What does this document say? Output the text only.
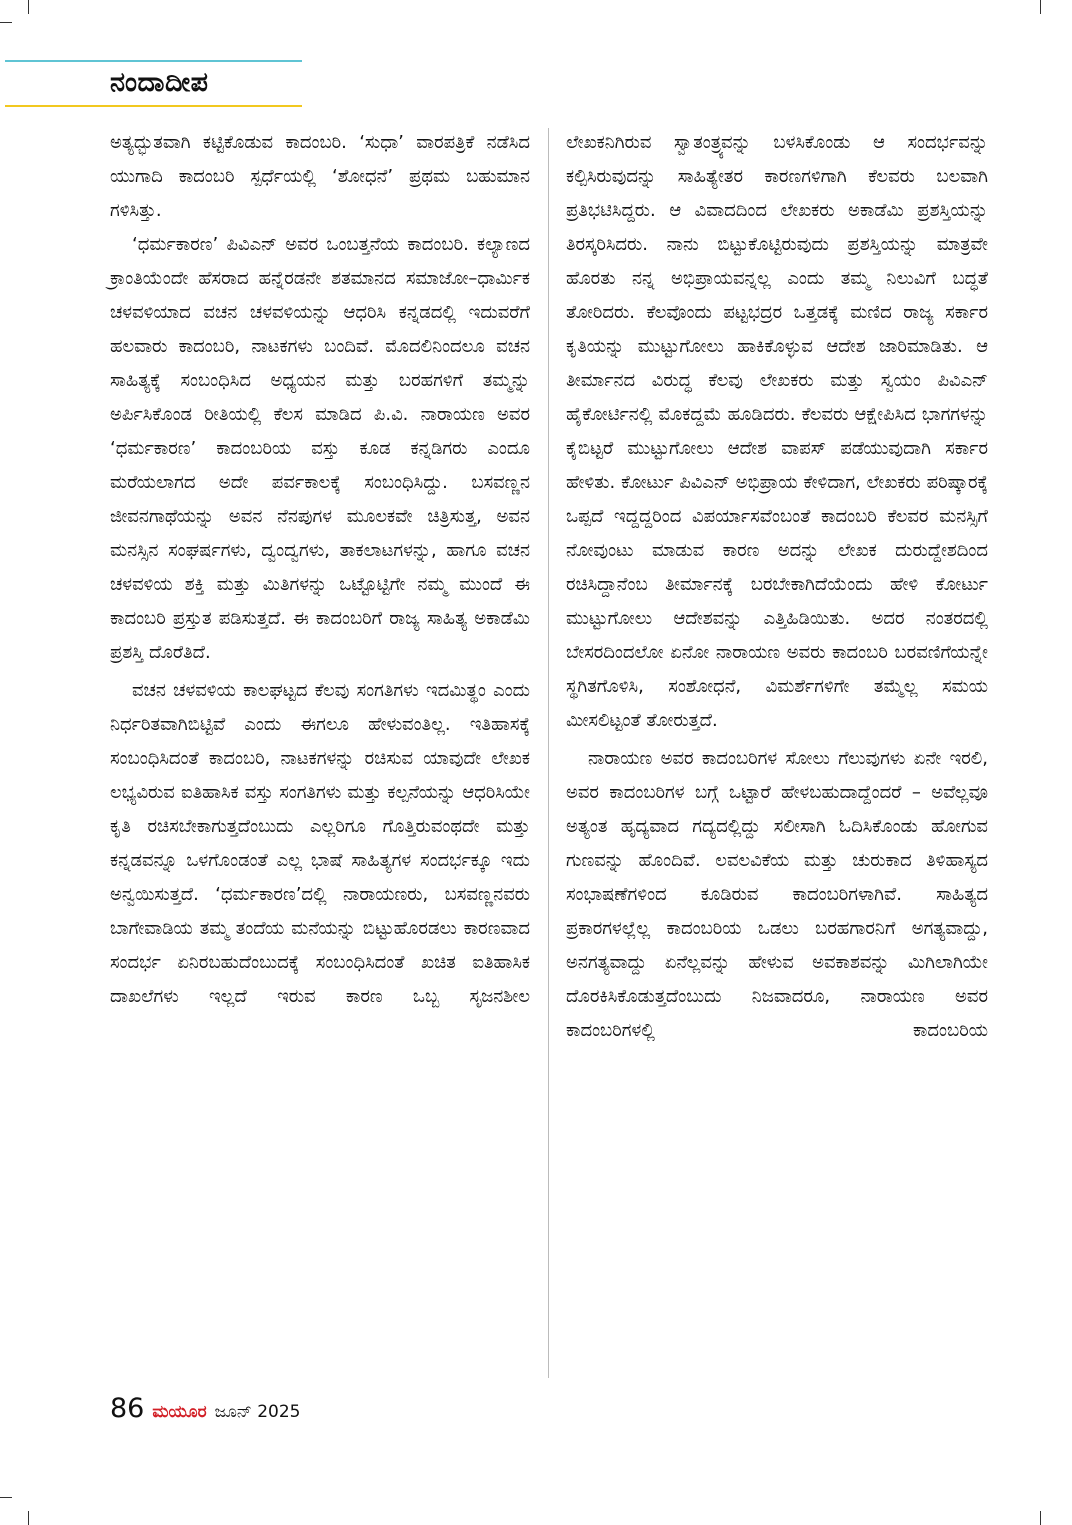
ನಂದಾದೀಪ

ಅತ್ಯದ್ಭುತವಾಗಿ ಕಟ್ಟಿಕೊಡುವ ಕಾದಂಬರಿ. ‘ಸುಧಾ’ ವಾರಪತ್ರಿಕೆ ನಡೆಸಿದ ಯುಗಾದಿ ಕಾದಂಬರಿ ಸ್ಪರ್ಧೆಯಲ್ಲಿ ‘ಶೋಧನೆ’ ಪ್ರಥಮ ಬಹುಮಾನ ಗಳಿಸಿತ್ತು.

‘ಧರ್ಮಕಾರಣ’ ಪಿವಿಎನ್ ಅವರ ಒಂಬತ್ತನೆಯ ಕಾದಂಬರಿ. ಕಲ್ಯಾಣದ ಕ್ರಾಂತಿಯೆಂದೇ ಹೆಸರಾದ ಹನ್ನೆರಡನೇ ಶತಮಾನದ ಸಮಾಜೋ–ಧಾರ್ಮಿಕ ಚಳವಳಿಯಾದ ವಚನ ಚಳವಳಿಯನ್ನು ಆಧರಿಸಿ ಕನ್ನಡದಲ್ಲಿ ಇದುವರೆಗೆ ಹಲವಾರು ಕಾದಂಬರಿ, ನಾಟಕಗಳು ಬಂದಿವೆ. ಮೊದಲಿನಿಂದಲೂ ವಚನ ಸಾಹಿತ್ಯಕ್ಕೆ ಸಂಬಂಧಿಸಿದ ಅಧ್ಯಯನ ಮತ್ತು ಬರಹಗಳಿಗೆ ತಮ್ಮನ್ನು ಅರ್ಪಿಸಿಕೊಂಡ ರೀತಿಯಲ್ಲಿ ಕೆಲಸ ಮಾಡಿದ ಪಿ.ವಿ. ನಾರಾಯಣ ಅವರ ‘ಧರ್ಮಕಾರಣ’ ಕಾದಂಬರಿಯ ವಸ್ತು ಕೂಡ ಕನ್ನಡಿಗರು ಎಂದೂ ಮರೆಯಲಾಗದ ಅದೇ ಪರ್ವಕಾಲಕ್ಕೆ ಸಂಬಂಧಿಸಿದ್ದು. ಬಸವಣ್ಣನ ಜೀವನಗಾಥೆಯನ್ನು ಅವನ ನೆನಪುಗಳ ಮೂಲಕವೇ ಚಿತ್ರಿಸುತ್ತ, ಅವನ ಮನಸ್ಸಿನ ಸಂಘರ್ಷಗಳು, ದ್ವಂದ್ವಗಳು, ತಾಕಲಾಟಗಳನ್ನು, ಹಾಗೂ ವಚನ ಚಳವಳಿಯ ಶಕ್ತಿ ಮತ್ತು ಮಿತಿಗಳನ್ನು ಒಟ್ಟೊಟ್ಟಿಗೇ ನಮ್ಮ ಮುಂದೆ ಈ ಕಾದಂಬರಿ ಪ್ರಸ್ತುತ ಪಡಿಸುತ್ತದೆ. ಈ ಕಾದಂಬರಿಗೆ ರಾಜ್ಯ ಸಾಹಿತ್ಯ ಅಕಾಡೆಮಿ ಪ್ರಶಸ್ತಿ ದೊರೆತಿದೆ.

ವಚನ ಚಳವಳಿಯ ಕಾಲಘಟ್ಟದ ಕೆಲವು ಸಂಗತಿಗಳು ಇದಮಿತ್ಥಂ ಎಂದು ನಿರ್ಧರಿತವಾಗಿಬಿಟ್ಟಿವೆ ಎಂದು ಈಗಲೂ ಹೇಳುವಂತಿಲ್ಲ. ಇತಿಹಾಸಕ್ಕೆ ಸಂಬಂಧಿಸಿದಂತೆ ಕಾದಂಬರಿ, ನಾಟಕಗಳನ್ನು ರಚಿಸುವ ಯಾವುದೇ ಲೇಖಕ ಲಭ್ಯವಿರುವ ಐತಿಹಾಸಿಕ ವಸ್ತು ಸಂಗತಿಗಳು ಮತ್ತು ಕಲ್ಪನೆಯನ್ನು ಆಧರಿಸಿಯೇ ಕೃತಿ ರಚಿಸಬೇಕಾಗುತ್ತದೆಂಬುದು ಎಲ್ಲರಿಗೂ ಗೊತ್ತಿರುವಂಥದೇ ಮತ್ತು ಕನ್ನಡವನ್ನೂ ಒಳಗೊಂಡಂತೆ ಎಲ್ಲ ಭಾಷೆ ಸಾಹಿತ್ಯಗಳ ಸಂದರ್ಭಕ್ಕೂ ಇದು ಅನ್ವಯಿಸುತ್ತದೆ. ‘ಧರ್ಮಕಾರಣ’ದಲ್ಲಿ ನಾರಾಯಣರು, ಬಸವಣ್ಣನವರು ಬಾಗೇವಾಡಿಯ ತಮ್ಮ ತಂದೆಯ ಮನೆಯನ್ನು ಬಿಟ್ಟುಹೊರಡಲು ಕಾರಣವಾದ ಸಂದರ್ಭ ಏನಿರಬಹುದೆಂಬುದಕ್ಕೆ ಸಂಬಂಧಿಸಿದಂತೆ ಖಚಿತ ಐತಿಹಾಸಿಕ ದಾಖಲೆಗಳು ಇಲ್ಲದೆ ಇರುವ ಕಾರಣ ಒಬ್ಬ ಸೃಜನಶೀಲ

ಲೇಖಕನಿಗಿರುವ ಸ್ವಾತಂತ್ರ್ಯವನ್ನು ಬಳಸಿಕೊಂಡು ಆ ಸಂದರ್ಭವನ್ನು ಕಲ್ಪಿಸಿರುವುದನ್ನು ಸಾಹಿತ್ಯೇತರ ಕಾರಣಗಳಿಗಾಗಿ ಕೆಲವರು ಬಲವಾಗಿ ಪ್ರತಿಭಟಿಸಿದ್ದರು. ಆ ವಿವಾದದಿಂದ ಲೇಖಕರು ಅಕಾಡೆಮಿ ಪ್ರಶಸ್ತಿಯನ್ನು ತಿರಸ್ಕರಿಸಿದರು. ನಾನು ಬಿಟ್ಟುಕೊಟ್ಟಿರುವುದು ಪ್ರಶಸ್ತಿಯನ್ನು ಮಾತ್ರವೇ ಹೊರತು ನನ್ನ ಅಭಿಪ್ರಾಯವನ್ನಲ್ಲ ಎಂದು ತಮ್ಮ ನಿಲುವಿಗೆ ಬದ್ಧತೆ ತೋರಿದರು. ಕೆಲವೊಂದು ಪಟ್ಟಭದ್ರರ ಒತ್ತಡಕ್ಕೆ ಮಣಿದ ರಾಜ್ಯ ಸರ್ಕಾರ ಕೃತಿಯನ್ನು ಮುಟ್ಟುಗೋಲು ಹಾಕಿಕೊಳ್ಳುವ ಆದೇಶ ಜಾರಿಮಾಡಿತು. ಆ ತೀರ್ಮಾನದ ವಿರುದ್ಧ ಕೆಲವು ಲೇಖಕರು ಮತ್ತು ಸ್ವಯಂ ಪಿವಿಎನ್ ಹೈಕೋರ್ಟಿನಲ್ಲಿ ಮೊಕದ್ದಮೆ ಹೂಡಿದರು. ಕೆಲವರು ಆಕ್ಷೇಪಿಸಿದ ಭಾಗಗಳನ್ನು ಕೈಬಿಟ್ಟರೆ ಮುಟ್ಟುಗೋಲು ಆದೇಶ ವಾಪಸ್ ಪಡೆಯುವುದಾಗಿ ಸರ್ಕಾರ ಹೇಳಿತು. ಕೋರ್ಟು ಪಿವಿಎನ್ ಅಭಿಪ್ರಾಯ ಕೇಳಿದಾಗ, ಲೇಖಕರು ಪರಿಷ್ಕಾರಕ್ಕೆ ಒಪ್ಪದೆ ಇದ್ದದ್ದರಿಂದ ವಿಪರ್ಯಾಸವೆಂಬಂತೆ ಕಾದಂಬರಿ ಕೆಲವರ ಮನಸ್ಸಿಗೆ ನೋವುಂಟು ಮಾಡುವ ಕಾರಣ ಅದನ್ನು ಲೇಖಕ ದುರುದ್ದೇಶದಿಂದ ರಚಿಸಿದ್ದಾನೆಂಬ ತೀರ್ಮಾನಕ್ಕೆ ಬರಬೇಕಾಗಿದೆಯೆಂದು ಹೇಳಿ ಕೋರ್ಟು ಮುಟ್ಟುಗೋಲು ಆದೇಶವನ್ನು ಎತ್ತಿಹಿಡಿಯಿತು. ಅದರ ನಂತರದಲ್ಲಿ ಬೇಸರದಿಂದಲೋ ಏನೋ ನಾರಾಯಣ ಅವರು ಕಾದಂಬರಿ ಬರವಣಿಗೆಯನ್ನೇ ಸ್ಥಗಿತಗೊಳಿಸಿ, ಸಂಶೋಧನೆ, ವಿಮರ್ಶೆಗಳಿಗೇ ತಮ್ಮೆಲ್ಲ ಸಮಯ ಮೀಸಲಿಟ್ಟಂತೆ ತೋರುತ್ತದೆ.

ನಾರಾಯಣ ಅವರ ಕಾದಂಬರಿಗಳ ಸೋಲು ಗೆಲುವುಗಳು ಏನೇ ಇರಲಿ, ಅವರ ಕಾದಂಬರಿಗಳ ಬಗ್ಗೆ ಒಟ್ಟಾರೆ ಹೇಳಬಹುದಾದ್ದೆಂದರೆ – ಅವೆಲ್ಲವೂ ಅತ್ಯಂತ ಹೃದ್ಯವಾದ ಗದ್ಯದಲ್ಲಿದ್ದು ಸಲೀಸಾಗಿ ಓದಿಸಿಕೊಂಡು ಹೋಗುವ ಗುಣವನ್ನು ಹೊಂದಿವೆ. ಲವಲವಿಕೆಯ ಮತ್ತು ಚುರುಕಾದ ತಿಳಿಹಾಸ್ಯದ ಸಂಭಾಷಣೆಗಳಿಂದ ಕೂಡಿರುವ ಕಾದಂಬರಿಗಳಾಗಿವೆ. ಸಾಹಿತ್ಯದ ಪ್ರಕಾರಗಳಲ್ಲೆಲ್ಲ ಕಾದಂಬರಿಯ ಒಡಲು ಬರಹಗಾರನಿಗೆ ಅಗತ್ಯವಾದ್ದು, ಅನಗತ್ಯವಾದ್ದು ಏನೆಲ್ಲವನ್ನು ಹೇಳುವ ಅವಕಾಶವನ್ನು ಮಿಗಿಲಾಗಿಯೇ ದೊರಕಿಸಿಕೊಡುತ್ತದೆಂಬುದು ನಿಜವಾದರೂ, ನಾರಾಯಣ ಅವರ ಕಾದಂಬರಿಗಳಲ್ಲಿ ಕಾದಂಬರಿಯ

86 ಮಯೂರ ಜೂನ್ 2025
